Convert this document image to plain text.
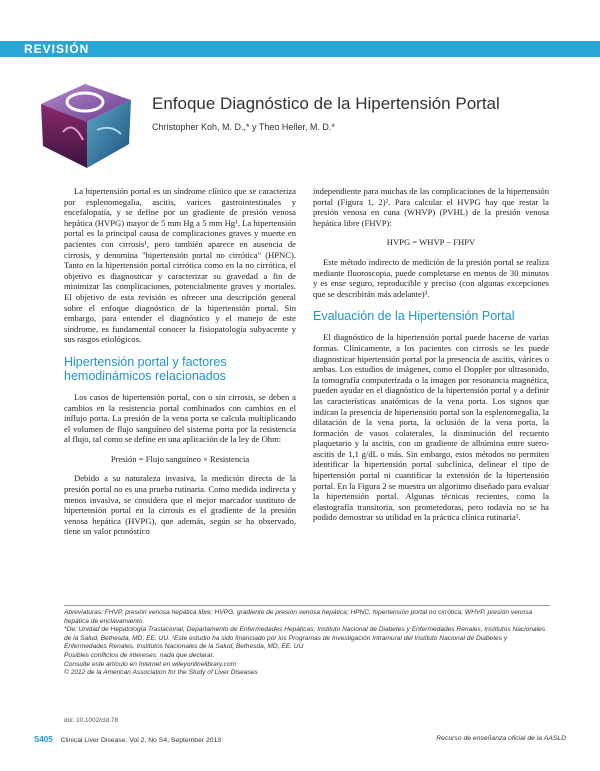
REVISIÓN
Enfoque Diagnóstico de la Hipertensión Portal
Christopher Koh, M. D.,* y Theo Heller, M. D.*

La hipertensión portal es un síndrome clínico que se caracteriza por esplenomegalia, ascitis, varices gastrointestinales y encefalopatía, y se define por un gradiente de presión venosa hepática (HVPG) mayor de 5 mm Hg a 5 mm Hg¹. La hipertensión portal es la principal causa de complicaciones graves y muerte en pacientes con cirrosis¹, pero también aparece en ausencia de cirrosis, y denomina "hipertensión portal no cirrótica" (HPNC). Tanto en la hipertensión portal cirrótica como en la no cirrótica, el objetivo es diagnosticar y caracterizar su gravedad a fin de minimizar las complicaciones, potencialmente graves y mortales. El objetivo de esta revisión es ofrecer una descripción general sobre el enfoque diagnóstico de la hipertensión portal. Sin embargo, para entender el diagnóstico y el manejo de este síndrome, es fundamental conocer la fisiopatología subyacente y sus rasgos etiológicos.

Hipertensión portal y factores hemodinámicos relacionados

Los casos de hipertensión portal, con o sin cirrosis, se deben a cambios en la resistencia portal combinados con cambios en el influjo porta. La presión de la vena porta se calcula multiplicando el volumen de flujo sanguíneo del sistema porta por la resistencia al flujo, tal como se define en una aplicación de la ley de Ohm:

Presión = Flujo sanguíneo × Resistencia

Debido a su naturaleza invasiva, la medición directa de la presión portal no es una prueba rutinaria. Como medida indirecta y menos invasiva, se considera que el mejor marcador sustituto de hipertensión portal en la cirrosis es el gradiente de la presión venosa hepática (HVPG), que además, según se ha observado, tiene un valor pronóstico

independiente para muchas de las complicaciones de la hipertensión portal (Figura 1, 2)². Para calcular el HVPG hay que restar la presión venosa en cuna (WHVP) (PVHL) de la presión venosa hepática libre (FHVP):

HVPG = WHVP − FHPV

Este método indirecto de medición de la presión portal se realiza mediante fluoroscopia, puede completarse en menos de 30 minutos y es ense seguro, reproducible y preciso (con algunas excepciones que se describirán más adelante)³.

Evaluación de la Hipertensión Portal

El diagnóstico de la hipertensión portal puede hacerse de varias formas. Clínicamente, a los pacientes con cirrosis se les puede diagnosticar hipertensión portal por la presencia de ascitis, várices o ambas. Los estudios de imágenes, como el Doppler por ultrasonido, la tomografía computerizada o la imagen por resonancia magnética, pueden ayudar en el diagnóstico de la hipertensión portal y a definir las características anatómicas de la vena porta. Los signos que indican la presencia de hipertensión portal son la esplenomegalia, la dilatación de la vena porta, la oclusión de la vena porta, la formación de vasos colaterales, la disminución del recuento plaquetario y la ascitis, con un gradiente de albúmina entre suero-ascitis de 1,1 g/dL o más. Sin embargo, estos métodos no permiten identificar la hipertensión portal subclínica, delinear el tipo de hipertensión portal ni cuantificar la extensión de la hipertensión portal. En la Figura 2 se muestra un algoritmo diseñado para evaluar la hipertensión portal. Algunas técnicas recientes, como la elastografía transitoria, son prometedoras, pero todavía no se ha podido demostrar su utilidad en la práctica clínica rutinaria¹.

Abreviaturas: FHVP, presión venosa hepática libre; HVPG, gradiente de presión venosa hepática; HPNC, hipertensión portal no cirrótica; WHVP, presión venosa hepática de enclavamiento.
*De: Unidad de Hepatología Traslacional, Departamento de Enfermedades Hepáticas, Instituto Nacional de Diabetes y Enfermedades Renales, Institutos Nacionales de la Salud, Bethesda, MD, EE. UU. ¹Este estudio ha sido financiado por los Programas de Investigación Intramural del Instituto Nacional de Diabetes y Enfermedades Renales, Institutos Nacionales de la Salud, Bethesda, MD, EE. UU
Posibles conflictos de intereses: nada que declarar.
Consulte este artículo en Internet en wileyonlinelibrary.com
© 2012 de la American Association for the Study of Liver Diseases
doi: 10.1002/cld.78
S405 Clinical Liver Disease, Vol 2, No S4, September 2013	Recurso de enseñanza oficial de la AASLD
